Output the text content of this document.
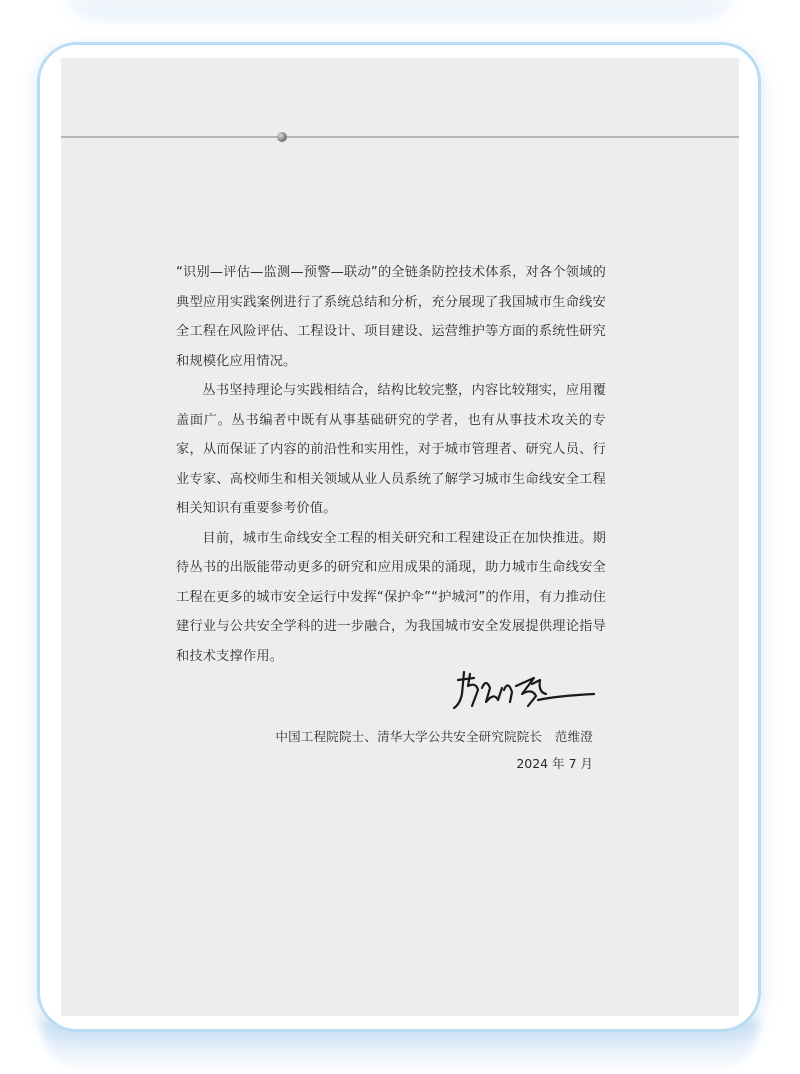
“识别—评估—监测—预警—联动”的全链条防控技术体系，对各个领域的典型应用实践案例进行了系统总结和分析，充分展现了我国城市生命线安全工程在风险评估、工程设计、项目建设、运营维护等方面的系统性研究和规模化应用情况。

丛书坚持理论与实践相结合，结构比较完整，内容比较翔实，应用覆盖面广。丛书编者中既有从事基础研究的学者，也有从事技术攻关的专家，从而保证了内容的前沿性和实用性，对于城市管理者、研究人员、行业专家、高校师生和相关领域从业人员系统了解学习城市生命线安全工程相关知识有重要参考价值。

目前，城市生命线安全工程的相关研究和工程建设正在加快推进。期待丛书的出版能带动更多的研究和应用成果的涌现，助力城市生命线安全工程在更多的城市安全运行中发挥“保护伞”“护城河”的作用，有力推动住建行业与公共安全学科的进一步融合，为我国城市安全发展提供理论指导和技术支撑作用。

中国工程院院士、清华大学公共安全研究院院长　范维澄
2024 年 7 月
